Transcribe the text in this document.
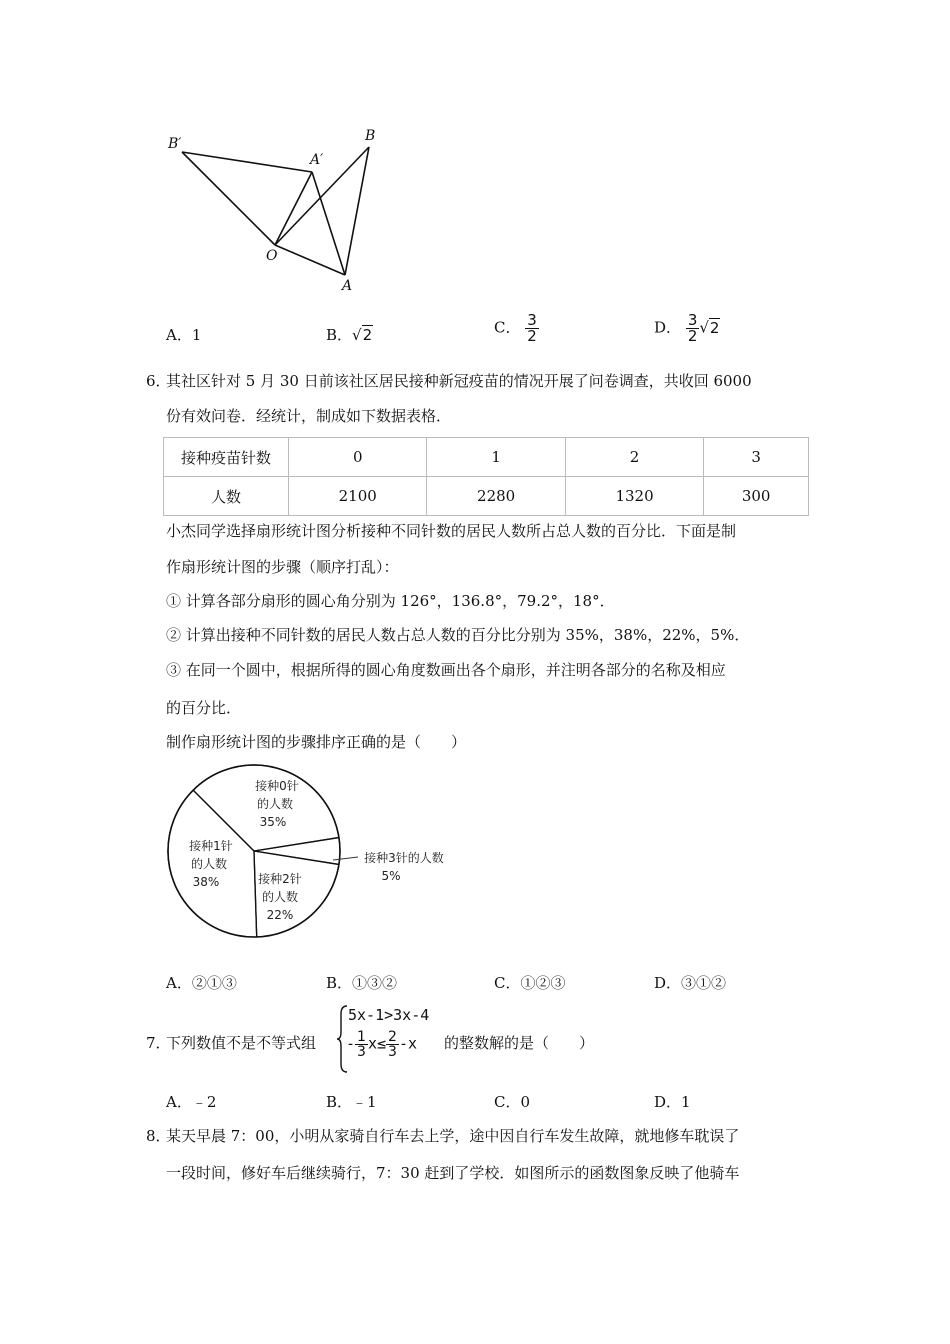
B′
A′
B
O
A
A．1	B．√2	C． $\frac{3}{2}$	D． $\frac{3}{2} √2$
6．
其社区针对 5 月 30 日前该社区居民接种新冠疫苗的情况开展了问卷调查，共收回 6000
份有效问卷．经统计，制成如下数据表格．
接种疫苗针数	0	1	2	3
人数	2100	2280	1320	300
小杰同学选择扇形统计图分析接种不同针数的居民人数所占总人数的百分比．下面是制
作扇形统计图的步骤（顺序打乱）：
① 计算各部分扇形的圆心角分别为 126°，136.8°，79.2°，18°．
② 计算出接种不同针数的居民人数占总人数的百分比分别为 35%，38%，22%，5%．
③ 在同一个圆中，根据所得的圆心角度数画出各个扇形，并注明各部分的名称及相应
的百分比．
制作扇形统计图的步骤排序正确的是（　　）
接种0针
的人数
35%
接种1针
的人数
38%	接种2针
的人数
22%
接种3针的人数
5%
A．②①③	B．①③②	C．①②③	D．③①②
7．
下列数值不是不等式组
5x-1>3x-4
- $\frac{1}{3} x\le \frac{2}{3} -x$ 的整数解的是（　　）
A．﹣2	B．﹣1	C．0	D．1
8．
某天早晨 7：00，小明从家骑自行车去上学，途中因自行车发生故障，就地修车耽误了
一段时间，修好车后继续骑行，7：30 赶到了学校．如图所示的函数图象反映了他骑车
